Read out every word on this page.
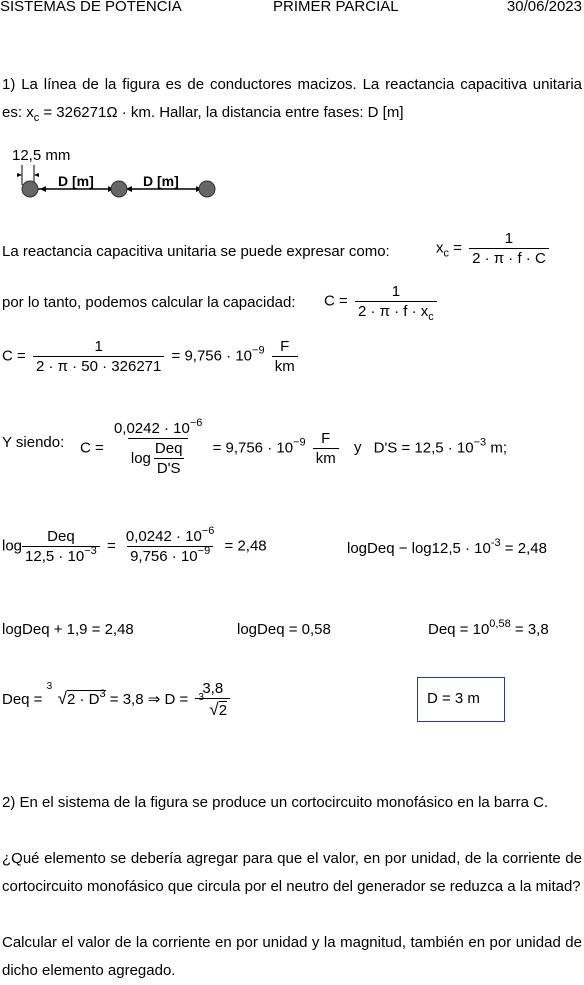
SISTEMAS DE POTENCIA	PRIMER PARCIAL	30/06/2023
1) La línea de la figura es de conductores macizos. La reactancia capacitiva unitaria es: $x_c = 326271\Omega$ · km. Hallar, la distancia entre fases: D [m]
12,5 mm
D [m]	D [m]
La reactancia capacitiva unitaria se puede expresar como:	$x_c = \frac{1}{2 \cdot \pi \cdot f \cdot C}$
por lo tanto, podemos calcular la capacidad: $C = \frac{1}{2 \cdot \pi \cdot f \cdot x_c}$
$C = \frac{1}{2 \cdot \pi \cdot 50 \cdot 326271} = 9,756 \cdot 10^{-9} \frac{F}{km}$
Y siendo: $C = \frac{0,0242 \cdot 10^{-6}}{\log \frac{\text{Deq}}{D'S}} = 9,756 \cdot 10^{-9} \frac{F}{km}$ y $D'S = 12,5 \cdot 10^{-3}$ m;
$\log \frac{\text{Deq}}{12,5 \cdot 10^{-3}} = \frac{0,0242 \cdot 10^{-6}}{9,756 \cdot 10^{-9}} = 2,48$	logDeq − $\log 12,5 \cdot 10^{-3} = 2,48$
logDeq + 1,9 = 2,48	logDeq = 0,58	Deq = $10^{0,58} = 3,8$
Deq =
3
$√2 \cdot D^3 = 3,8$ ⇒ D = 3,8
3
√2	D = 3 m
2) En el sistema de la figura se produce un cortocircuito monofásico en la barra C.
¿Qué elemento se debería agregar para que el valor, en por unidad, de la corriente de cortocircuito monofásico que circula por el neutro del generador se reduzca a la mitad?
Calcular el valor de la corriente en por unidad y la magnitud, también en por unidad de dicho elemento agregado.
